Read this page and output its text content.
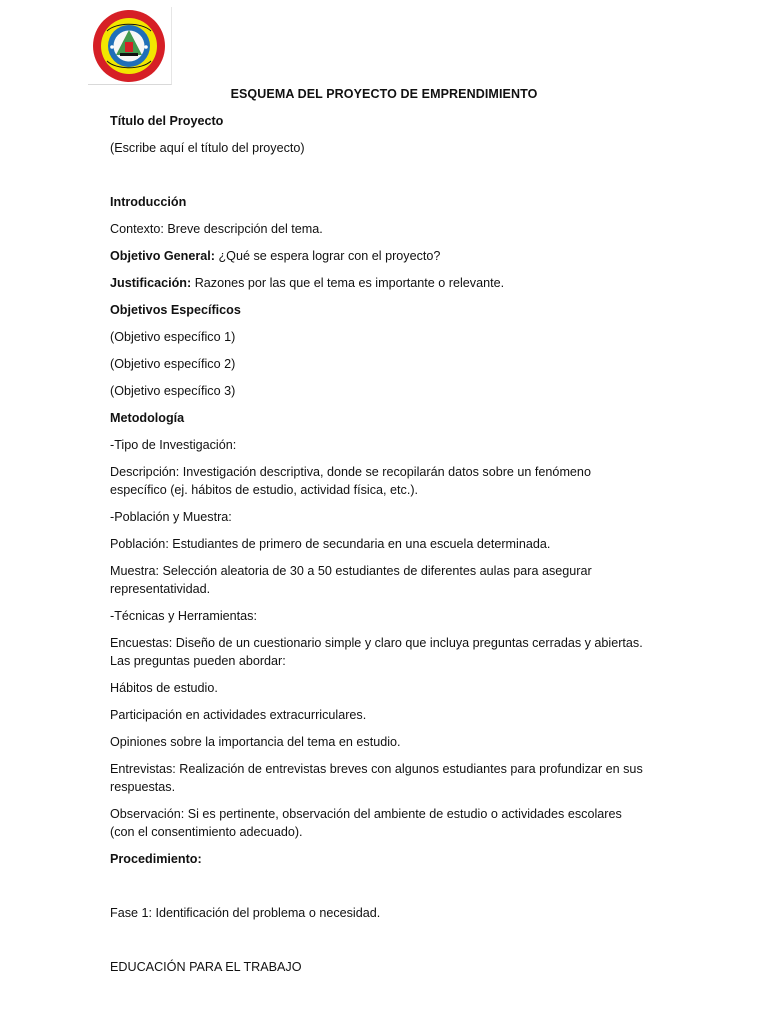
ESQUEMA DEL PROYECTO DE EMPRENDIMIENTO

Título del Proyecto

(Escribe aquí el título del proyecto)

Introducción

Contexto: Breve descripción del tema.

Objetivo General: ¿Qué se espera lograr con el proyecto?

Justificación: Razones por las que el tema es importante o relevante.

Objetivos Específicos

(Objetivo específico 1)

(Objetivo específico 2)

(Objetivo específico 3)

Metodología

-Tipo de Investigación:

Descripción: Investigación descriptiva, donde se recopilarán datos sobre un fenómeno

específico (ej. hábitos de estudio, actividad física, etc.).

-Población y Muestra:

Población: Estudiantes de primero de secundaria en una escuela determinada.

Muestra: Selección aleatoria de 30 a 50 estudiantes de diferentes aulas para asegurar

representatividad.

-Técnicas y Herramientas:

Encuestas: Diseño de un cuestionario simple y claro que incluya preguntas cerradas y abiertas.

Las preguntas pueden abordar:

Hábitos de estudio.

Participación en actividades extracurriculares.

Opiniones sobre la importancia del tema en estudio.

Entrevistas: Realización de entrevistas breves con algunos estudiantes para profundizar en sus

respuestas.

Observación: Si es pertinente, observación del ambiente de estudio o actividades escolares

(con el consentimiento adecuado).

Procedimiento:

Fase 1: Identificación del problema o necesidad.

EDUCACIÓN PARA EL TRABAJO
